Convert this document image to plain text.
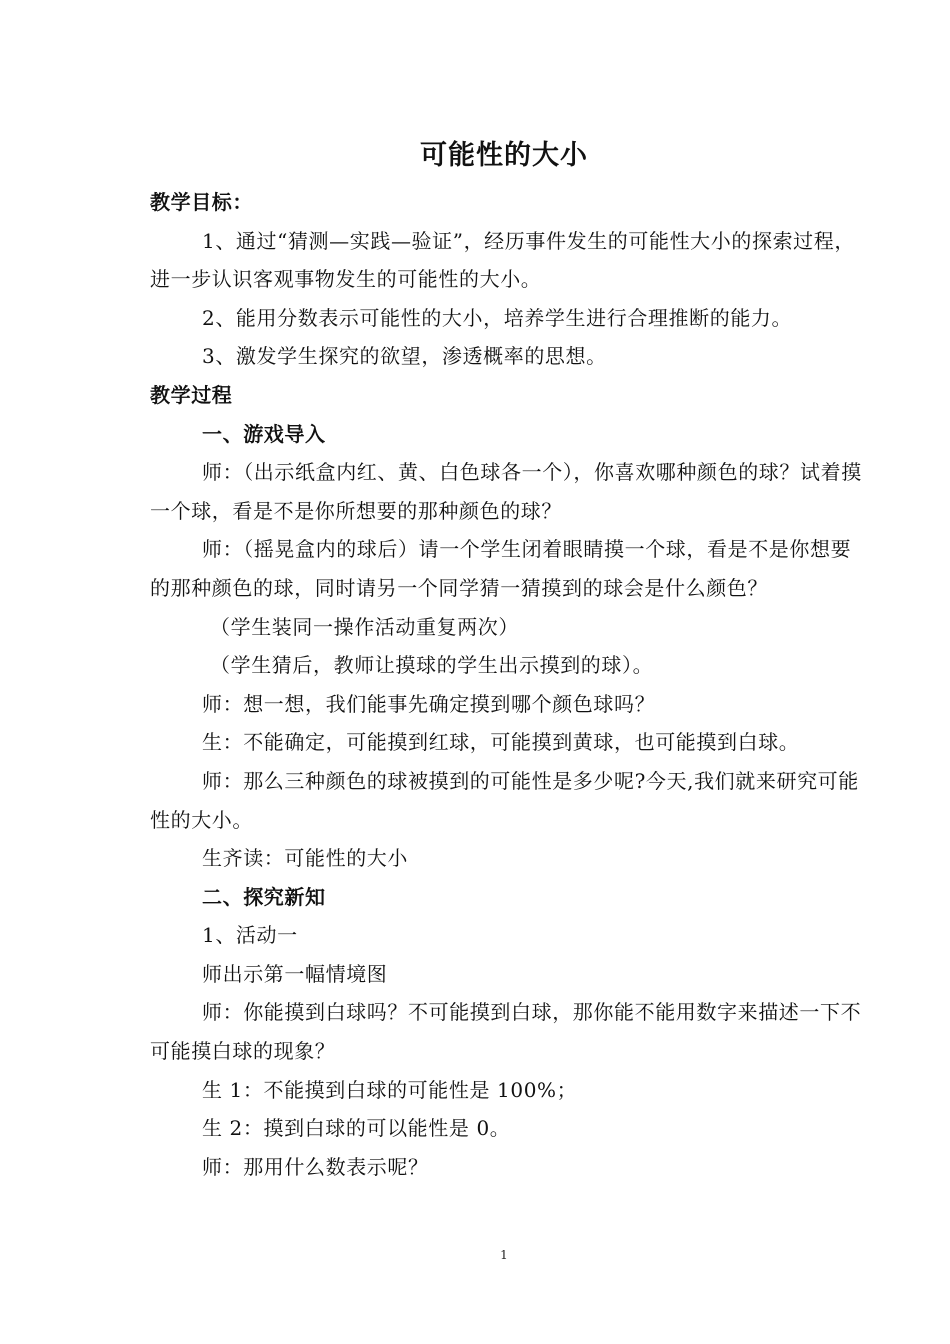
可能性的大小

教学目标：

1、通过“猜测—实践—验证”，经历事件发生的可能性大小的探索过程，进一步认识客观事物发生的可能性的大小。

2、能用分数表示可能性的大小，培养学生进行合理推断的能力。

3、激发学生探究的欲望，渗透概率的思想。

教学过程

一、游戏导入

师：（出示纸盒内红、黄、白色球各一个），你喜欢哪种颜色的球？试着摸一个球，看是不是你所想要的那种颜色的球？

师：（摇晃盒内的球后）请一个学生闭着眼睛摸一个球，看是不是你想要的那种颜色的球，同时请另一个同学猜一猜摸到的球会是什么颜色？

（学生装同一操作活动重复两次）

（学生猜后，教师让摸球的学生出示摸到的球）。

师：想一想，我们能事先确定摸到哪个颜色球吗？

生：不能确定，可能摸到红球，可能摸到黄球，也可能摸到白球。

师：那么三种颜色的球被摸到的可能性是多少呢?今天,我们就来研究可能性的大小。

生齐读：可能性的大小

二、探究新知

1、活动一

师出示第一幅情境图

师：你能摸到白球吗？不可能摸到白球，那你能不能用数字来描述一下不可能摸白球的现象？

生 1：不能摸到白球的可能性是 100%；

生 2：摸到白球的可以能性是 0。

师：那用什么数表示呢？

1
